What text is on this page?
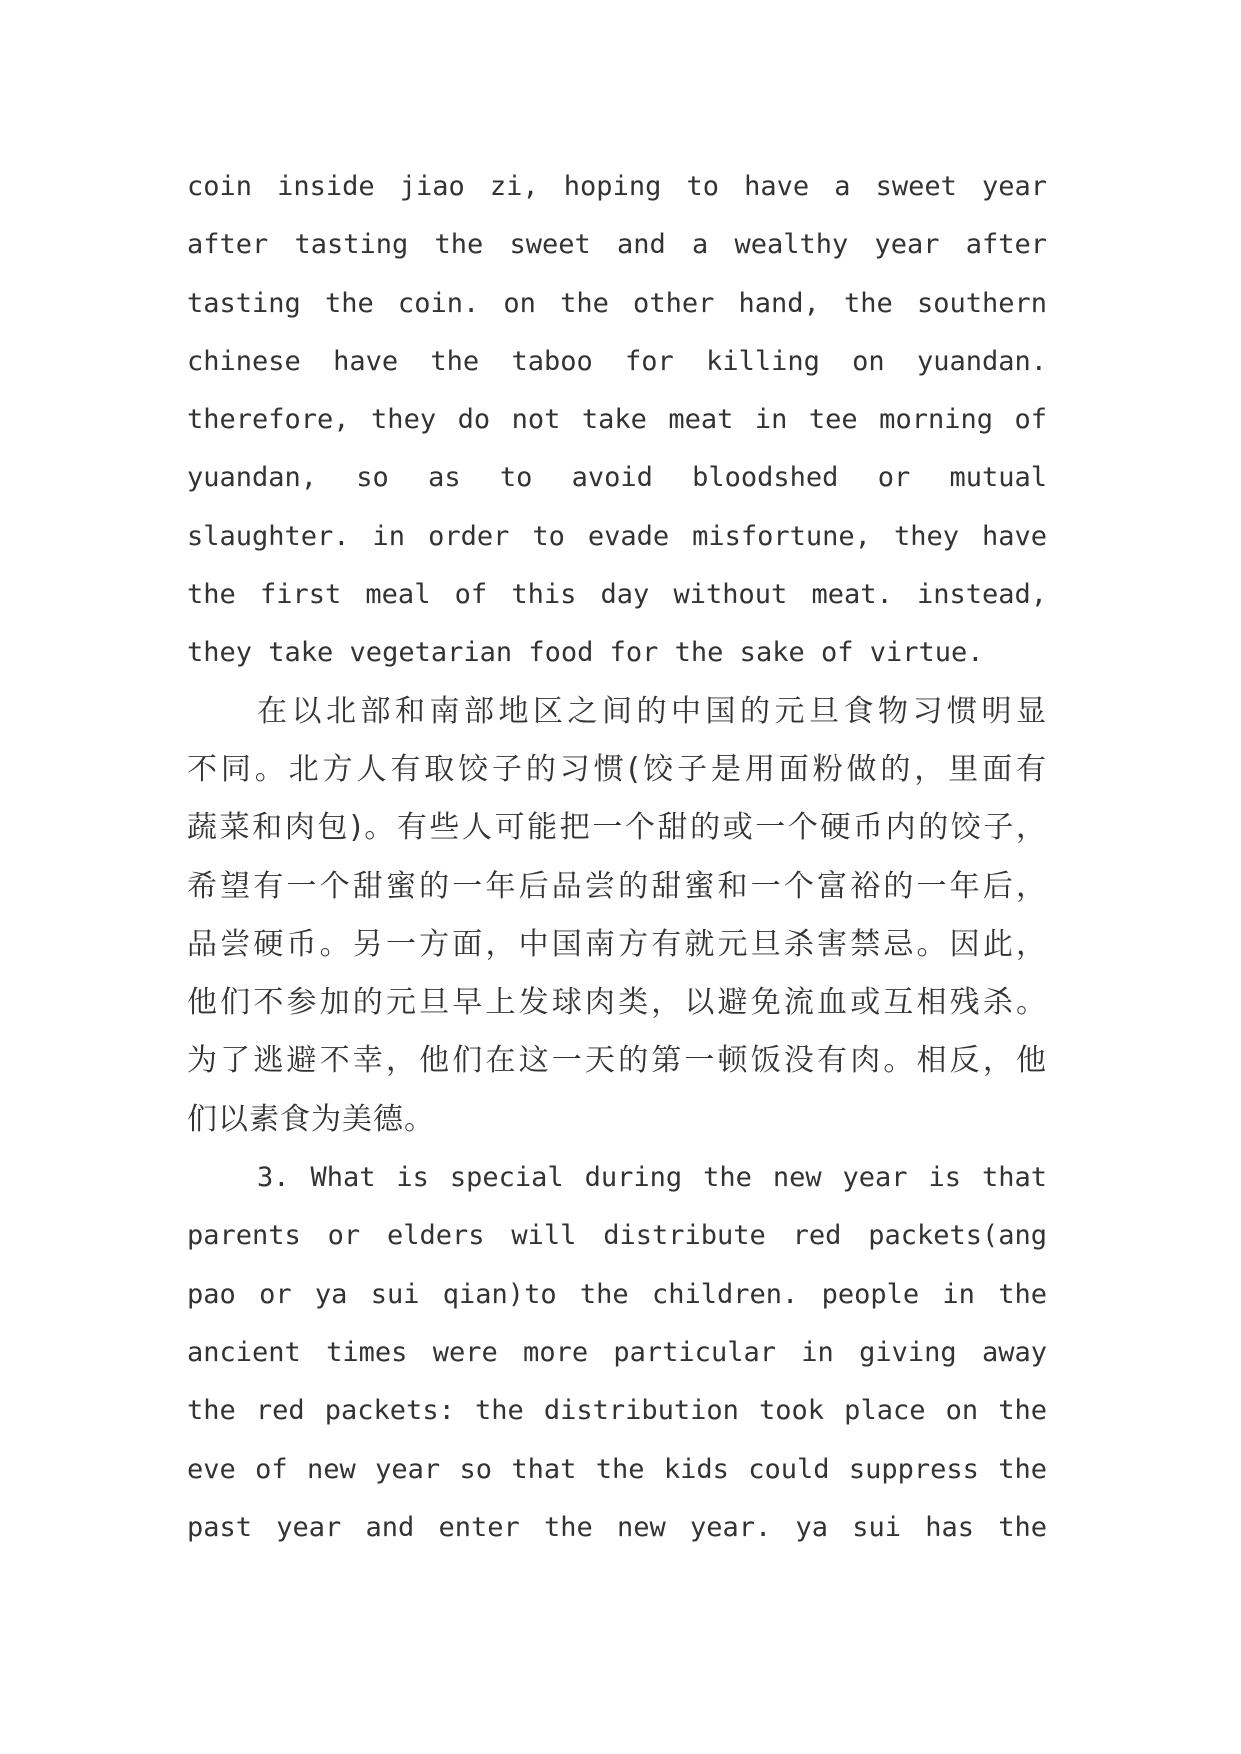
coin inside jiao zi, hoping to have a sweet year
after tasting the sweet and a wealthy year after
tasting the coin. on the other hand, the southern
chinese have the taboo for killing on yuandan.
therefore, they do not take meat in tee morning of
yuandan, so as to avoid bloodshed or mutual
slaughter. in order to evade misfortune, they have
the first meal of this day without meat. instead,
they take vegetarian food for the sake of virtue.
在以北部和南部地区之间的中国的元旦食物习惯明显
不同。北方人有取饺子的习惯(饺子是用面粉做的，里面有
蔬菜和肉包)。有些人可能把一个甜的或一个硬币内的饺子，
希望有一个甜蜜的一年后品尝的甜蜜和一个富裕的一年后，
品尝硬币。另一方面，中国南方有就元旦杀害禁忌。因此，
他们不参加的元旦早上发球肉类，以避免流血或互相残杀。
为了逃避不幸，他们在这一天的第一顿饭没有肉。相反，他
们以素食为美德。
3. What is special during the new year is that
parents or elders will distribute red packets(ang
pao or ya sui qian)to the children. people in the
ancient times were more particular in giving away
the red packets: the distribution took place on the
eve of new year so that the kids could suppress the
past year and enter the new year. ya sui has the
